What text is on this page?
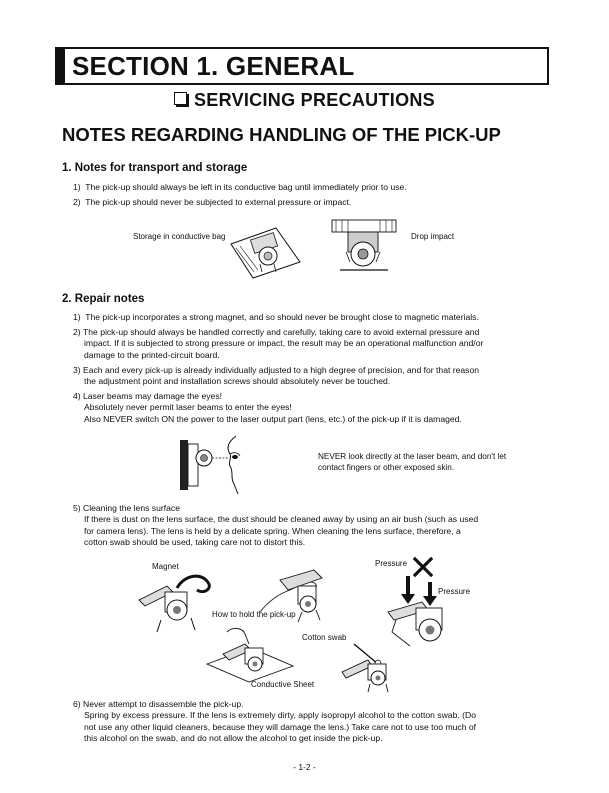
SECTION 1. GENERAL
SERVICING PRECAUTIONS
NOTES REGARDING HANDLING OF THE PICK-UP
1. Notes for transport and storage
1) The pick-up should always be left in its conductive bag until immediately prior to use.
2) The pick-up should never be subjected to external pressure or impact.
Storage in conductive bag	Drop impact
2. Repair notes
1) The pick-up incorporates a strong magnet, and so should never be brought close to magnetic materials.
2) The pick-up should always be handled correctly and carefully, taking care to avoid external pressure and
impact. If it is subjected to strong pressure or impact, the result may be an operational malfunction and/or
damage to the printed-circuit board.
3) Each and every pick-up is already individually adjusted to a high degree of precision, and for that reason
the adjustment point and installation screws should absolutely never be touched.
4) Laser beams may damage the eyes!
Absolutely never permit laser beams to enter the eyes!
Also NEVER switch ON the power to the laser output part (lens, etc.) of the pick-up if it is damaged.
NEVER look directly at the laser beam, and don't let
contact fingers or other exposed skin.
5) Cleaning the lens surface
If there is dust on the lens surface, the dust should be cleaned away by using an air bush (such as used
for camera lens). The lens is held by a delicate spring. When cleaning the lens surface, therefore, a
cotton swab should be used, taking care not to distort this.
Magnet
How to hold the pick-up
Pressure
Pressure
Cotton swab
Conductive Sheet
6) Never attempt to disassemble the pick-up.
Spring by excess pressure. If the lens is extremely dirty, apply isopropyl alcohol to the cotton swab. (Do
not use any other liquid cleaners, because they will damage the lens.) Take care not to use too much of
this alcohol on the swab, and do not allow the alcohol to get inside the pick-up.
- 1-2 -
